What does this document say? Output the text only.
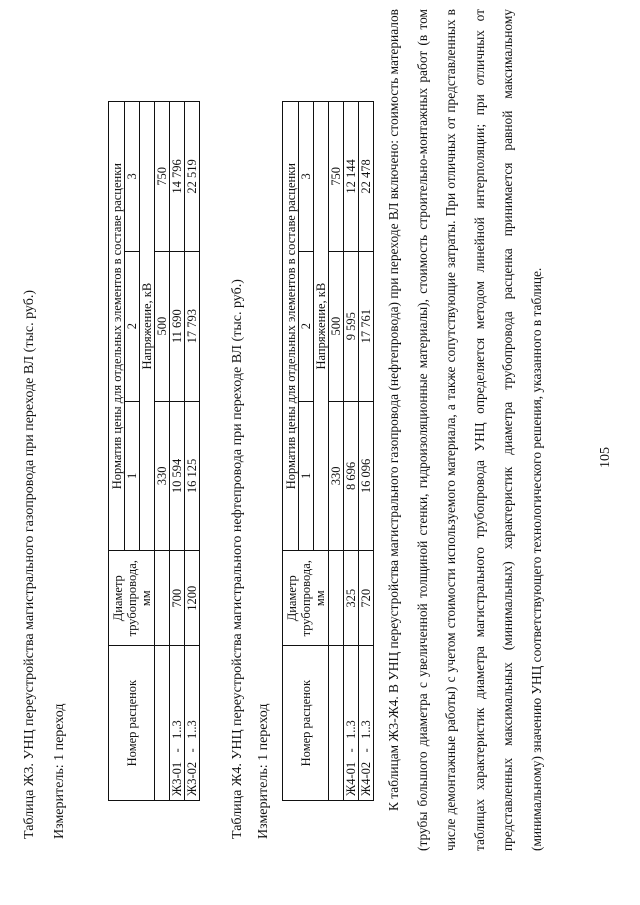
105
Таблица Ж3. УНЦ переустройства магистрального газопровода при переходе ВЛ (тыс. руб.) Измеритель: 1 переход	Номер расценок	Диаметр трубопровода, мм	Норматив цены для отдельных элементов в составе расценки		
		1	2	3
		Напряжение, кВ		
		330	500	750
Ж3-01   -   1..3	700	10 594	11 690	14 796
Ж3-02   -   1..3	1200	16 125	17 793	22 519
Таблица Ж4. УНЦ переустройства магистрального нефтепровода при переходе ВЛ (тыс. руб.) Измеритель: 1 переход Номер расценок	Диаметр трубопровода, мм	Норматив цены для отдельных элементов в составе расценки		
		1	2	3
		Напряжение, кВ		
		330	500	750
Ж4-01   -   1..3	325	8 696	9 595	12 144
Ж4-02   -   1..3	720	16 096	17 761	22 478 К таблицам Ж3-Ж4. В УНЦ переустройства магистрального газопровода (нефтепровода) при переходе ВЛ включено: стоимость материалов (трубы большого диаметра с увеличенной толщиной стенки, гидроизоляционные материалы), стоимость строительно-монтажных работ (в том числе демонтажные работы) с учетом стоимости используемого материала, а также сопутствующие затраты. При отличных от представленных в таблицах характеристик диаметра магистрального трубопровода УНЦ определяется методом линейной интерполяции; при отличных от представленных максимальных (минимальных) характеристик диаметра трубопровода расценка принимается равной максимальному (минимальному) значению УНЦ соответствующего технологического решения, указанного в таблице.
